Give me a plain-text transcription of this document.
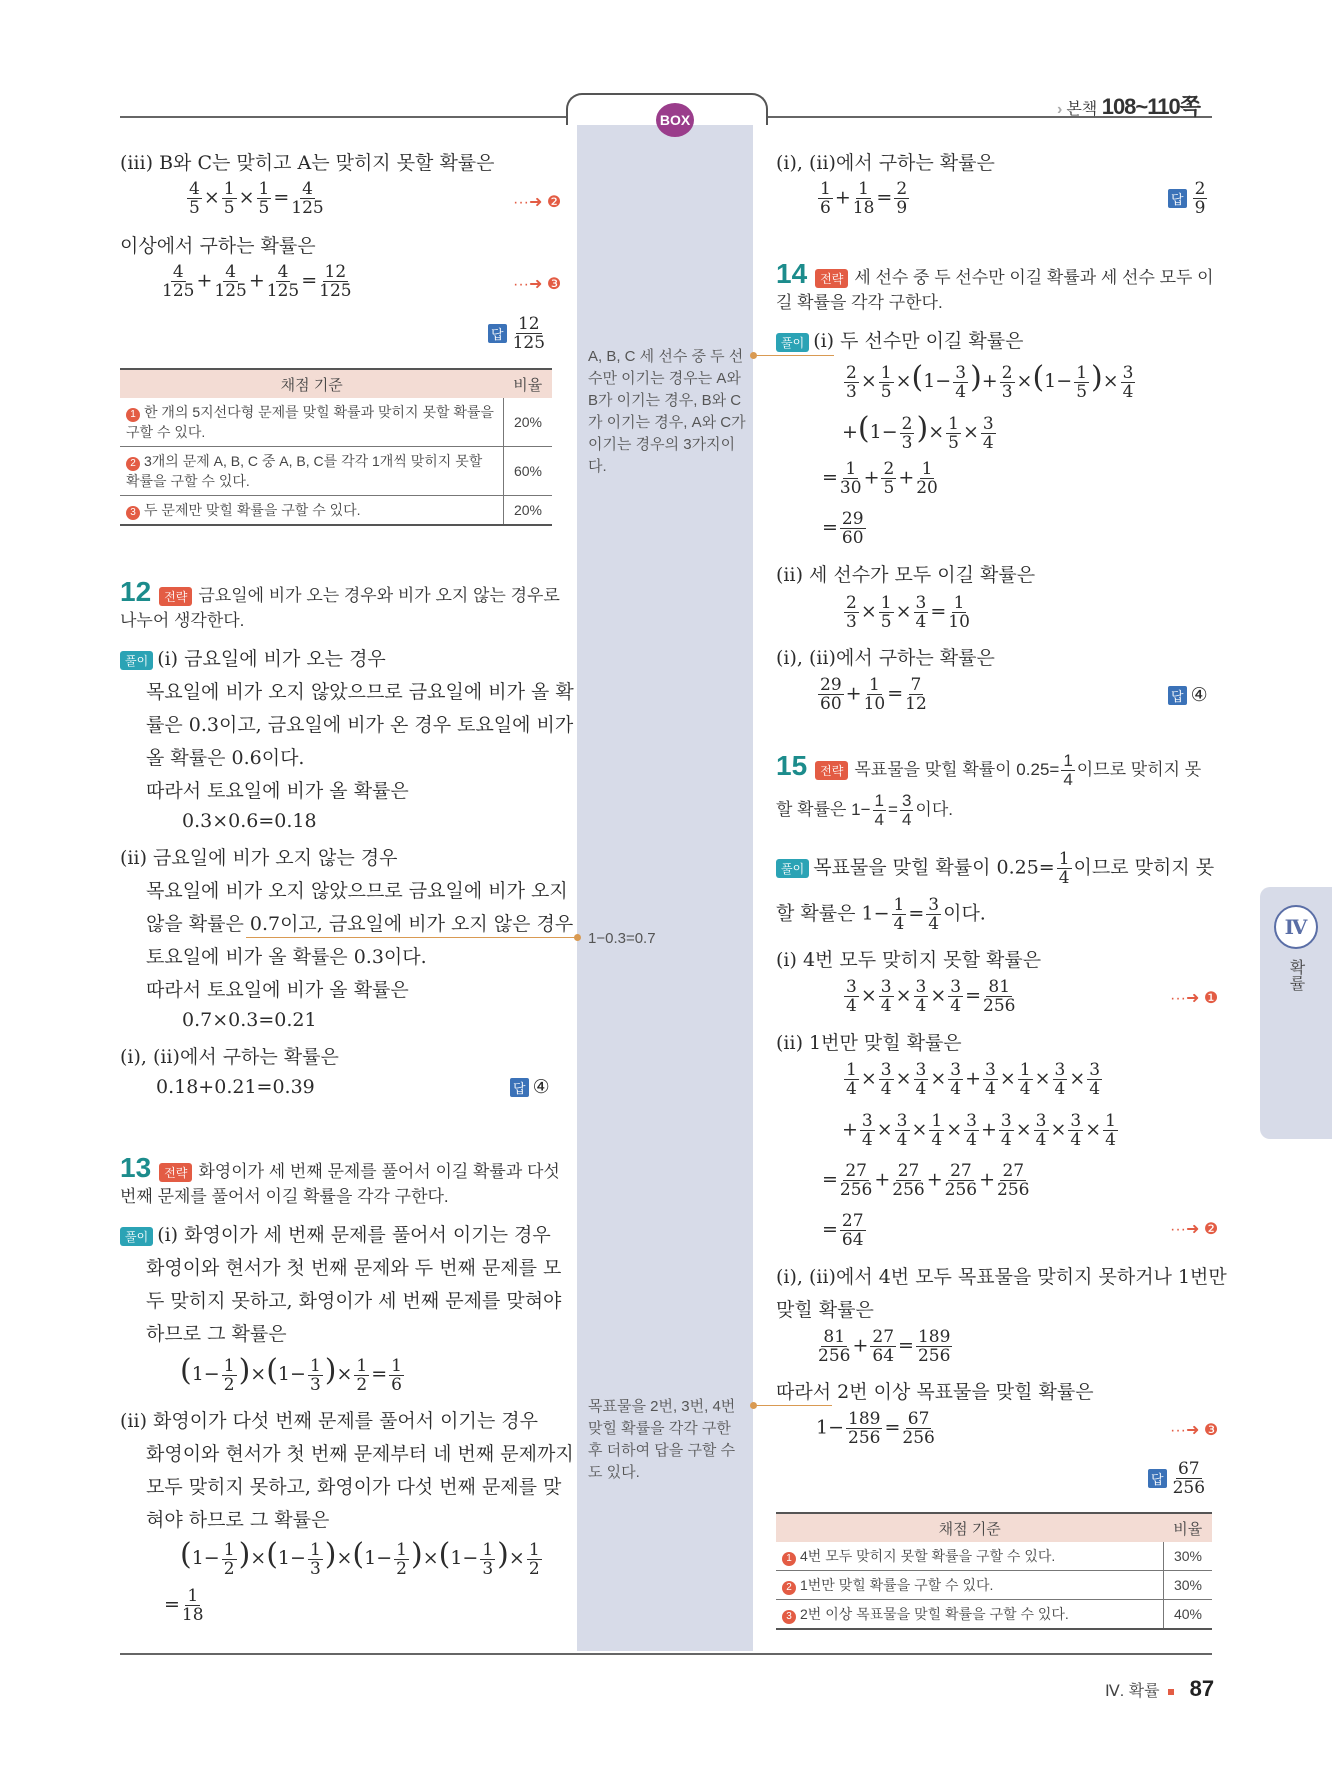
일품 BOX
› 본책 108~110쪽
(ⅲ) B와 C는 맞히고 A는 맞히지 못할 확률은
$\frac{4}{5} \times \frac{1}{5} \times \frac{1}{5} = \frac{4}{125}$	···➜ ❷
이상에서 구하는 확률은
$\frac{4}{125} + \frac{4}{125} + \frac{4}{125} = \frac{12}{125}$	···➜ ❸
답 $\frac{12}{125}$
채점 기준	비율
1 한 개의 5지선다형 문제를 맞힐 확률과 맞히지 못할 확률을 구할 수 있다.	20%
2 3개의 문제 A, B, C 중 A, B, C를 각각 1개씩 맞히지 못할 확률을 구할 수 있다.	60%
3 두 문제만 맞힐 확률을 구할 수 있다.	20%
12 전략 금요일에 비가 오는 경우와 비가 오지 않는 경우로
나누어 생각한다.
풀이 (ⅰ) 금요일에 비가 오는 경우
목요일에 비가 오지 않았으므로 금요일에 비가 올 확
률은 0.3이고, 금요일에 비가 온 경우 토요일에 비가
올 확률은 0.6이다.
따라서 토요일에 비가 올 확률은
0.3×0.6=0.18
(ⅱ) 금요일에 비가 오지 않는 경우
목요일에 비가 오지 않았으므로 금요일에 비가 오지
않을 확률은 0.7이고, 금요일에 비가 오지 않은 경우
토요일에 비가 올 확률은 0.3이다.
따라서 토요일에 비가 올 확률은
0.7×0.3=0.21
(ⅰ), (ⅱ)에서 구하는 확률은
0.18+0.21=0.39	답 ④
13 전략 화영이가 세 번째 문제를 풀어서 이길 확률과 다섯
번째 문제를 풀어서 이길 확률을 각각 구한다.
풀이 (ⅰ) 화영이가 세 번째 문제를 풀어서 이기는 경우
화영이와 현서가 첫 번째 문제와 두 번째 문제를 모
두 맞히지 못하고, 화영이가 세 번째 문제를 맞혀야
하므로 그 확률은
$(1- \frac{1}{2} )\times(1- \frac{1}{3}$ )× $\frac{1}{2} = \frac{1}{6}$
(ⅱ) 화영이가 다섯 번째 문제를 풀어서 이기는 경우
화영이와 현서가 첫 번째 문제부터 네 번째 문제까지
모두 맞히지 못하고, 화영이가 다섯 번째 문제를 맞
혀야 하므로 그 확률은
$(1- \frac{1}{2} )\times(1- \frac{1}{3} )\times(1- \frac{1}{2} )\times(1- \frac{1}{3}$ )× $\frac{1}{2}$
= $\frac{1}{18}$
A, B, C 세 선수 중 두 선수만 이기는 경우는 A와 B가 이기는 경우, B와 C가 이기는 경우, A와 C가 이기는 경우의 3가지이다.
1−0.3=0.7
목표물을 2번, 3번, 4번 맞힐 확률을 각각 구한 후 더하여 답을 구할 수도 있다.
(ⅰ), (ⅱ)에서 구하는 확률은
$\frac{1}{6} + \frac{1}{18} = \frac{2}{9}$	답 $\frac{2}{9}$
14 전략 세 선수 중 두 선수만 이길 확률과 세 선수 모두 이
길 확률을 각각 구한다.
풀이 (ⅰ) 두 선수만 이길 확률은
$\frac{2}{3} \times \frac{1}{5} \times(1- \frac{3}{4}$ )+ $\frac{2}{3} \times(1- \frac{1}{5}$ )× $\frac{3}{4}$
$+(1- \frac{2}{3}$ )× $\frac{1}{5} \times \frac{3}{4}$
= $\frac{1}{30} + \frac{2}{5} + \frac{1}{20}$
= $\frac{29}{60}$
(ⅱ) 세 선수가 모두 이길 확률은
$\frac{2}{3} \times \frac{1}{5} \times \frac{3}{4} = \frac{1}{10}$
(ⅰ), (ⅱ)에서 구하는 확률은
$\frac{29}{60} + \frac{1}{10} = \frac{7}{12}$	답 ④
15 전략 목표물을 맞힐 확률이 $0.25= \frac{1}{4}$ 이므로 맞히지 못
할 확률은 $1- \frac{1}{4} = \frac{3}{4}$ 이다.
풀이 목표물을 맞힐 확률이 $0.25= \frac{1}{4}$ 이므로 맞히지 못
할 확률은 $1- \frac{1}{4} = \frac{3}{4}$ 이다.
(ⅰ) 4번 모두 맞히지 못할 확률은
$\frac{3}{4} \times \frac{3}{4} \times \frac{3}{4} \times \frac{3}{4} = \frac{81}{256}$	···➜ ❶
(ⅱ) 1번만 맞힐 확률은
$\frac{1}{4} \times \frac{3}{4} \times \frac{3}{4} \times \frac{3}{4} + \frac{3}{4} \times \frac{1}{4} \times \frac{3}{4} \times \frac{3}{4}$
+ $\frac{3}{4} \times \frac{3}{4} \times \frac{1}{4} \times \frac{3}{4} + \frac{3}{4} \times \frac{3}{4} \times \frac{3}{4} \times \frac{1}{4}$
= $\frac{27}{256} + \frac{27}{256} + \frac{27}{256} + \frac{27}{256}$
= $\frac{27}{64}$	···➜ ❷
(ⅰ), (ⅱ)에서 4번 모두 목표물을 맞히지 못하거나 1번만
맞힐 확률은
$\frac{81}{256} + \frac{27}{64} = \frac{189}{256}$
따라서 2번 이상 목표물을 맞힐 확률은
$1- \frac{189}{256} = \frac{67}{256}$	···➜ ❸
답 $\frac{67}{256}$
채점 기준	비율
1 4번 모두 맞히지 못할 확률을 구할 수 있다.	30%
2 1번만 맞힐 확률을 구할 수 있다.	30%
3 2번 이상 목표물을 맞힐 확률을 구할 수 있다.	40%
Ⅳ
확률
Ⅳ. 확률 87
